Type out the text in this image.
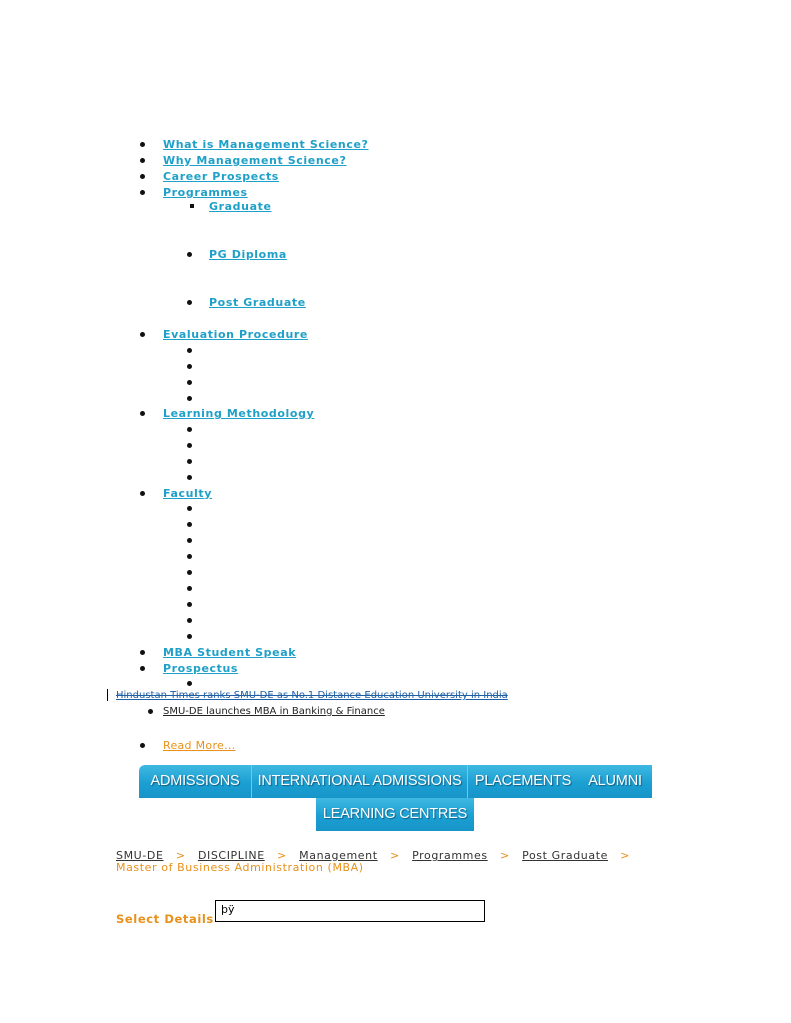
What is Management Science?
Why Management Science?
Career Prospects
Programmes
Graduate
PG Diploma
Post Graduate
Evaluation Procedure
Learning Methodology
Faculty
MBA Student Speak
Prospectus
Hindustan Times ranks SMU-DE as No.1 Distance Education University in India
SMU-DE launches MBA in Banking & Finance
Read More...
ADMISSIONS	INTERNATIONAL ADMISSIONS PLACEMENTS	ALUMNI
LEARNING CENTRES
SMU-DE > DISCIPLINE > Management > Programmes > Post Graduate >   Master of Business Administration (MBA)
Select Details
þÿ
